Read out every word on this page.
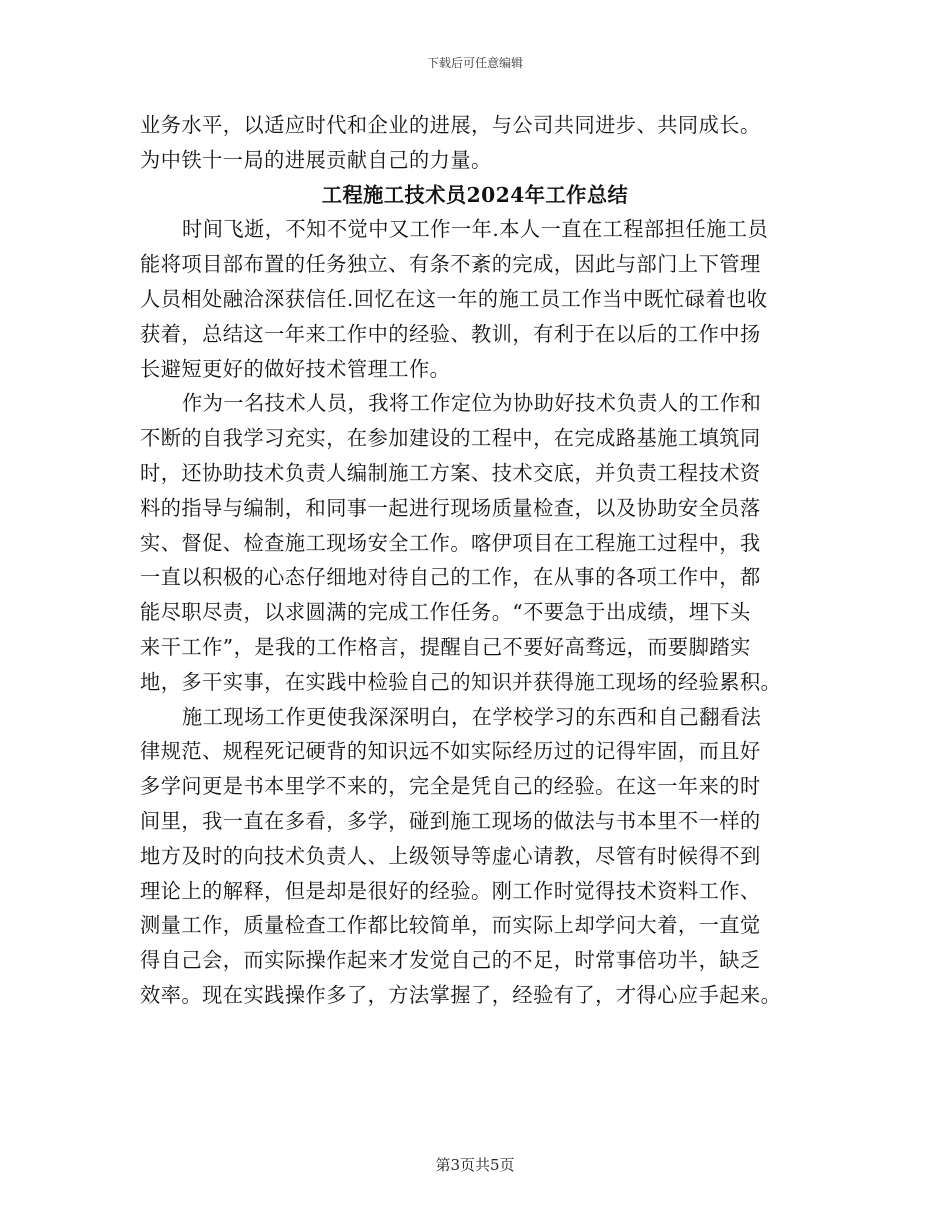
下载后可任意编辑

业务水平，以适应时代和企业的进展，与公司共同进步、共同成长。

为中铁十一局的进展贡献自己的力量。

工程施工技术员2024年工作总结

时间飞逝，不知不觉中又工作一年.本人一直在工程部担任施工员

能将项目部布置的任务独立、有条不紊的完成，因此与部门上下管理

人员相处融洽深获信任.回忆在这一年的施工员工作当中既忙碌着也收

获着，总结这一年来工作中的经验、教训，有利于在以后的工作中扬

长避短更好的做好技术管理工作。

作为一名技术人员，我将工作定位为协助好技术负责人的工作和

不断的自我学习充实，在参加建设的工程中，在完成路基施工填筑同

时，还协助技术负责人编制施工方案、技术交底，并负责工程技术资

料的指导与编制，和同事一起进行现场质量检查，以及协助安全员落

实、督促、检查施工现场安全工作。喀伊项目在工程施工过程中，我

一直以积极的心态仔细地对待自己的工作，在从事的各项工作中，都

能尽职尽责，以求圆满的完成工作任务。“不要急于出成绩，埋下头

来干工作”，是我的工作格言，提醒自己不要好高骛远，而要脚踏实

地，多干实事，在实践中检验自己的知识并获得施工现场的经验累积。

施工现场工作更使我深深明白，在学校学习的东西和自己翻看法

律规范、规程死记硬背的知识远不如实际经历过的记得牢固，而且好

多学问更是书本里学不来的，完全是凭自己的经验。在这一年来的时

间里，我一直在多看，多学，碰到施工现场的做法与书本里不一样的

地方及时的向技术负责人、上级领导等虚心请教，尽管有时候得不到

理论上的解释，但是却是很好的经验。刚工作时觉得技术资料工作、

测量工作，质量检查工作都比较简单，而实际上却学问大着，一直觉

得自己会，而实际操作起来才发觉自己的不足，时常事倍功半，缺乏

效率。现在实践操作多了，方法掌握了，经验有了，才得心应手起来。

第3页共5页
